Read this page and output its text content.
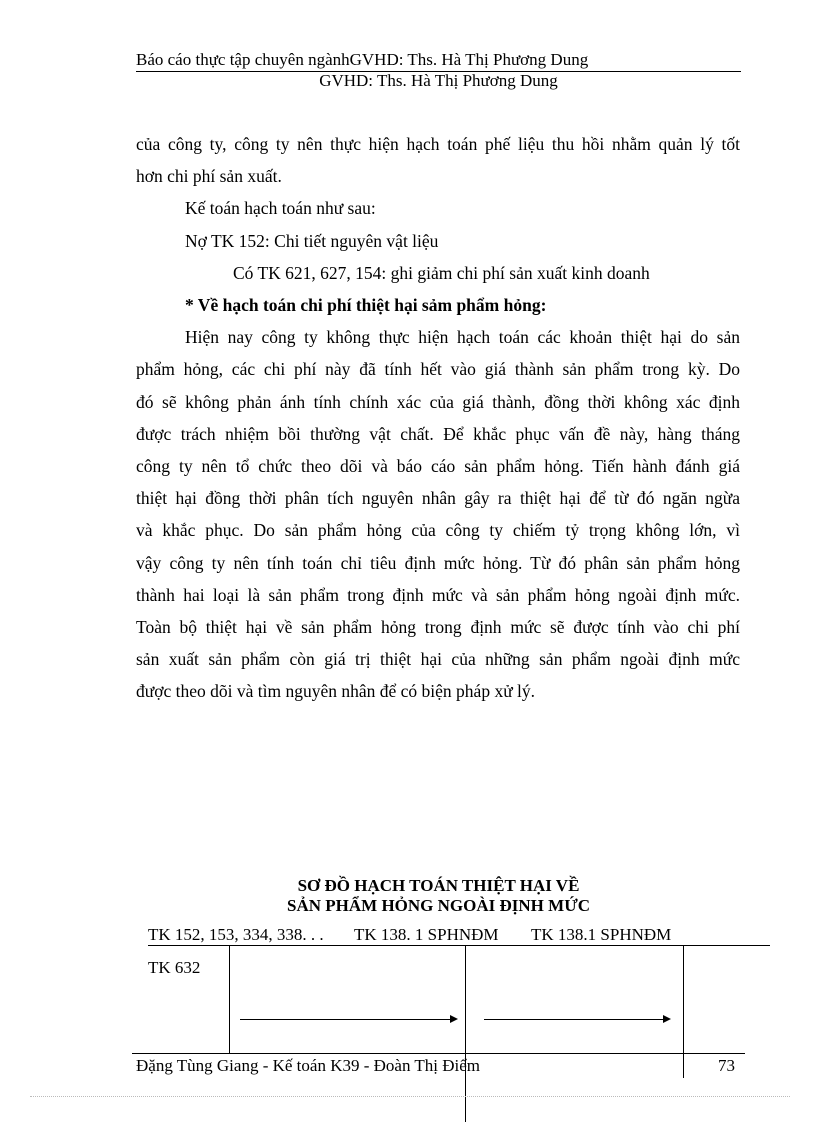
Báo cáo thực tập chuyên ngànhGVHD: Ths. Hà Thị Phương Dung
GVHD: Ths. Hà Thị Phương Dung

của công ty, công ty nên thực hiện hạch toán phế liệu thu hồi nhằm quản lý tốt

hơn chi phí sản xuất.

Kế toán hạch toán như sau:

Nợ TK 152: Chi tiết nguyên vật liệu

Có TK 621, 627, 154: ghi giảm chi phí sản xuất kinh doanh

* Về hạch toán chi phí thiệt hại sảm phẩm hỏng:

Hiện nay công ty không thực hiện hạch toán các khoản thiệt hại do sản

phẩm hỏng, các chi phí này đã tính hết vào giá thành sản phẩm trong kỳ. Do

đó sẽ không phản ánh tính chính xác của giá thành, đồng thời không xác định

được trách nhiệm bồi thường vật chất. Để khắc phục vấn đề này, hàng tháng

công ty nên tổ chức theo dõi và báo cáo sản phẩm hỏng. Tiến hành đánh giá

thiệt hại đồng thời phân tích nguyên nhân gây ra thiệt hại để từ đó ngăn ngừa

và khắc phục. Do sản phẩm hỏng của công ty chiếm tỷ trọng không lớn, vì

vậy công ty nên tính toán chỉ tiêu định mức hỏng. Từ đó phân sản phẩm hỏng

thành hai loại là sản phẩm trong định mức và sản phẩm hỏng ngoài định mức.

Toàn bộ thiệt hại về sản phẩm hỏng trong định mức sẽ được tính vào chi phí

sản xuất sản phẩm còn giá trị thiệt hại của những sản phẩm ngoài định mức

được theo dõi và tìm nguyên nhân để có biện pháp xử lý.

SƠ ĐỒ HẠCH TOÁN THIỆT HẠI VỀ
SẢN PHẨM HỎNG NGOÀI ĐỊNH MỨC
TK 152, 153, 334, 338. . . TK 138. 1 SPHNĐM TK 138.1 SPHNĐM
TK 632
Đặng Tùng Giang - Kế toán K39 - Đoàn Thị Điểm	73
